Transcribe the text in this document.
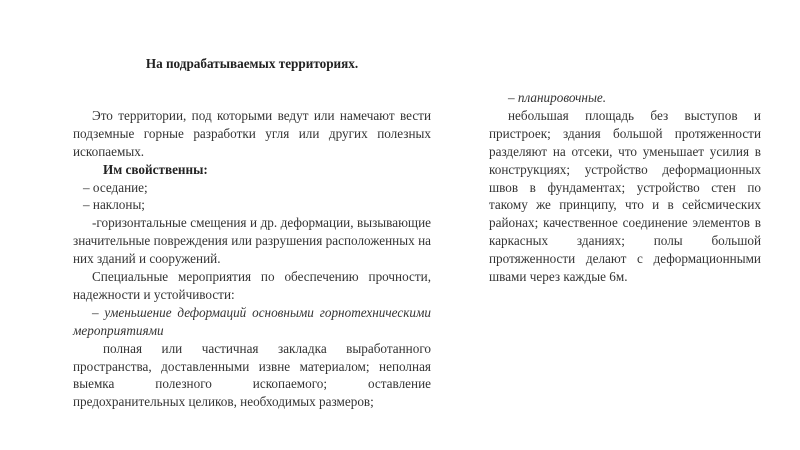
На подрабатываемых территориях.

Это территории, под которыми ведут или намечают вести подземные горные разработки угля или других полезных ископаемых.

Им свойственны:

– оседание;

– наклоны;

-горизонтальные смещения и др. деформации, вызывающие значительные повреждения или разрушения расположенных на них зданий и сооружений.

Специальные мероприятия по обеспечению прочности, надежности и устойчивости:

– уменьшение деформаций основными горнотехническими мероприятиями

полная или частичная закладка выработанного пространства, доставленными извне материалом; неполная выемка полезного ископаемого; оставление предохранительных целиков, необходимых размеров;

– планировочные.

небольшая площадь без выступов и пристроек; здания большой протяженности разделяют на отсеки, что уменьшает усилия в конструкциях; устройство деформационных швов в фундаментах; устройство стен по такому же принципу, что и в сейсмических районах; качественное соединение элементов в каркасных зданиях; полы большой протяженности делают с деформационными швами через каждые 6м.
